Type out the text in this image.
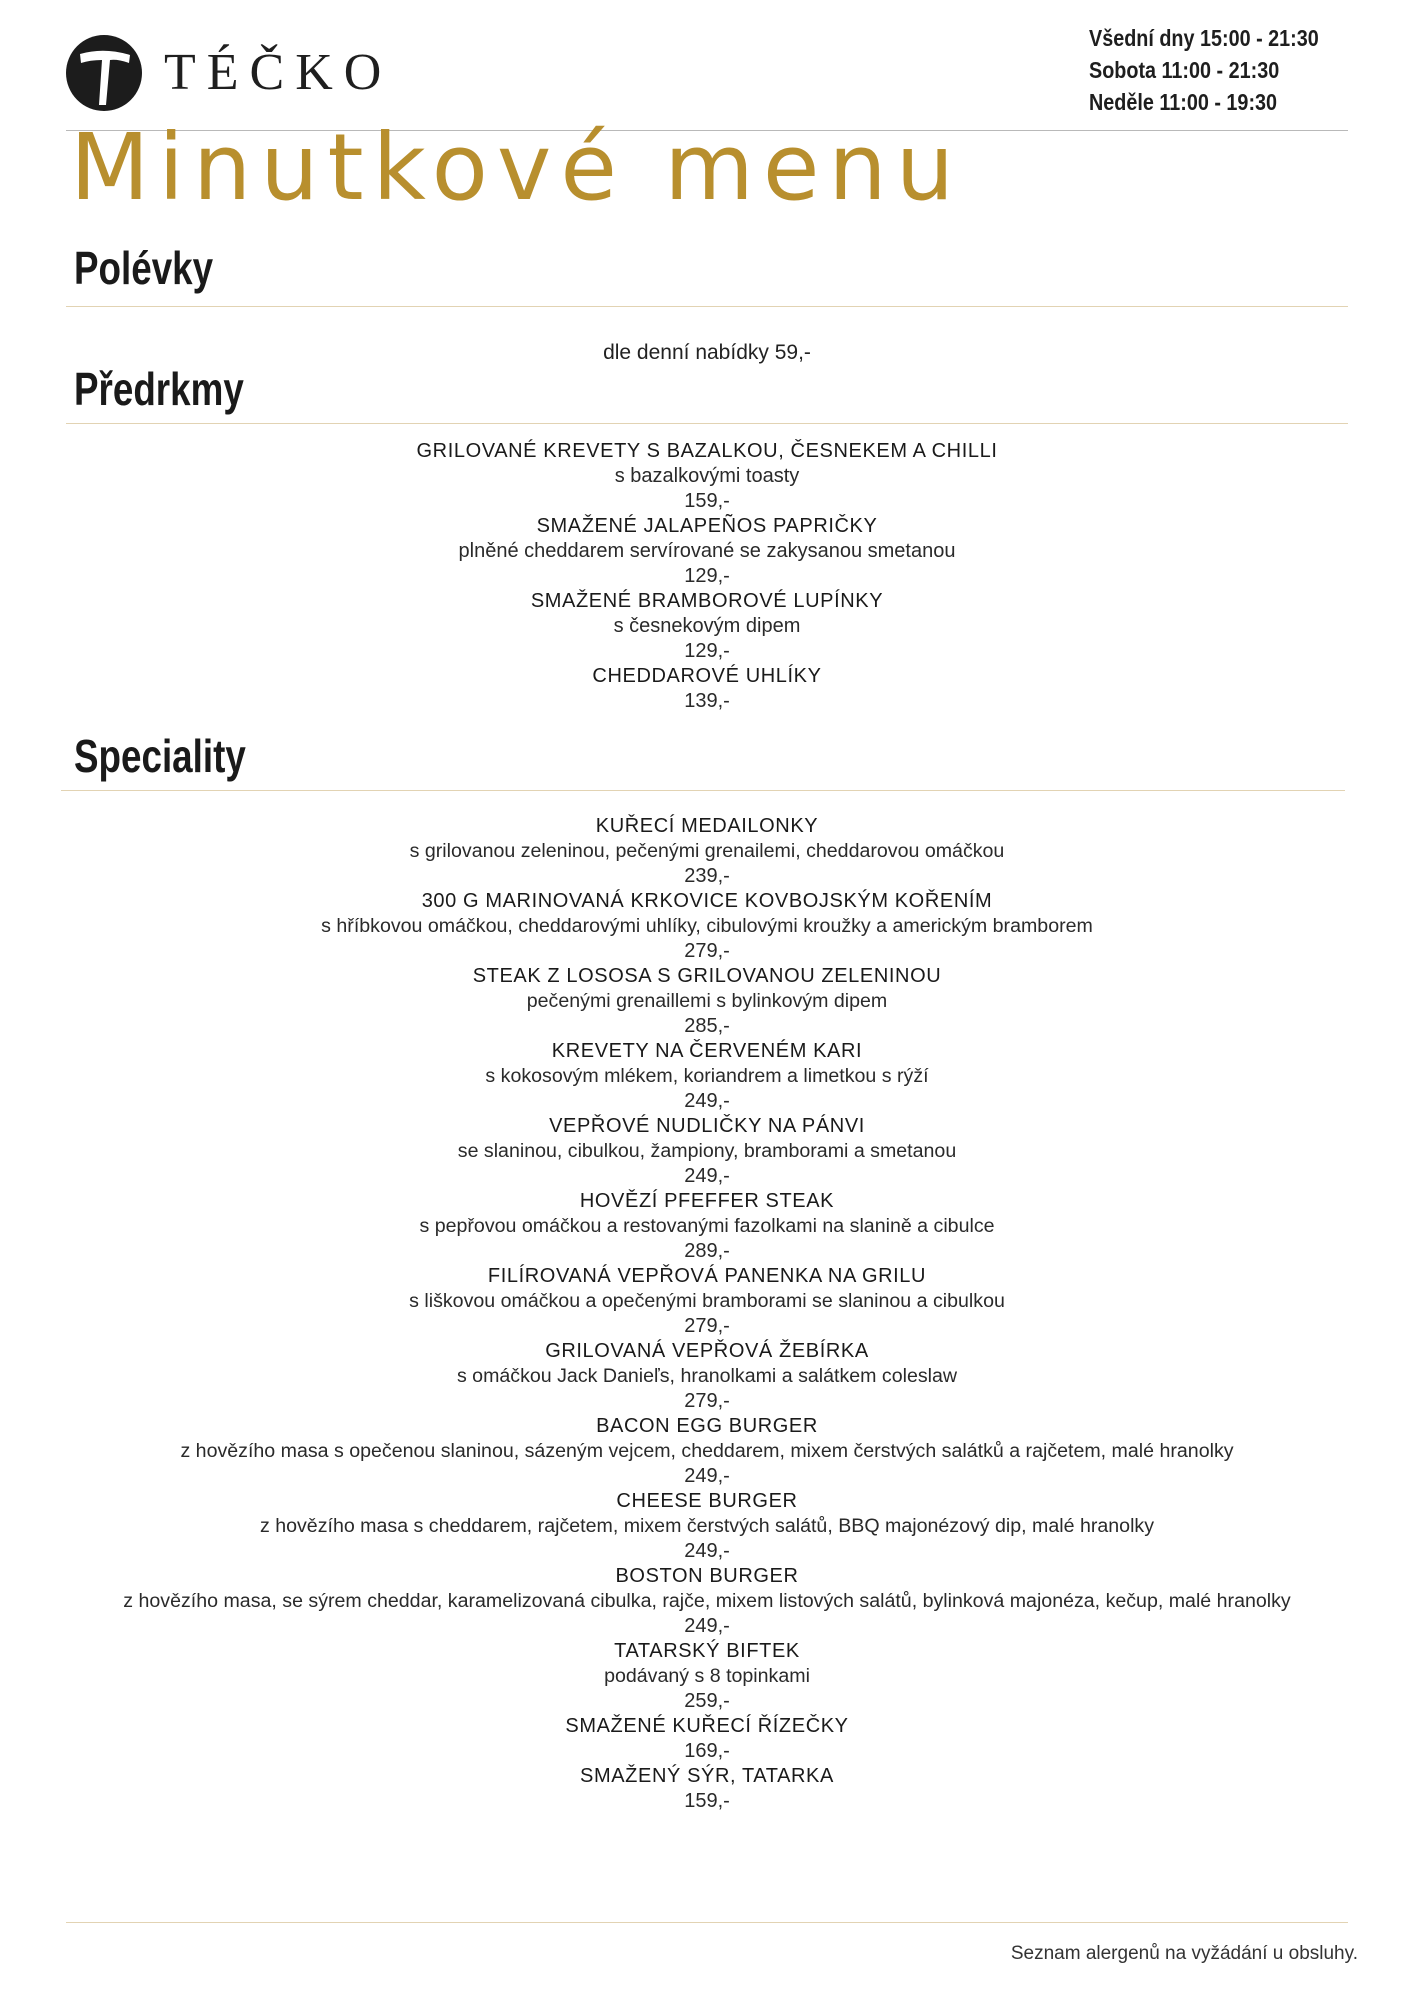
TÉČKO
Všední dny 15:00 - 21:30
Sobota 11:00 - 21:30
Neděle 11:00 - 19:30
Minutkové menu
Polévky
dle denní nabídky 59,-
Předrkmy
GRILOVANÉ KREVETY S BAZALKOU, ČESNEKEM A CHILLI
s bazalkovými toasty
159,-
SMAŽENÉ JALAPEÑOS PAPRIČKY
plněné cheddarem servírované se zakysanou smetanou
129,-
SMAŽENÉ BRAMBOROVÉ LUPÍNKY
s česnekovým dipem
129,-
CHEDDAROVÉ UHLÍKY
139,-
Speciality
KUŘECÍ MEDAILONKY
s grilovanou zeleninou, pečenými grenailemi, cheddarovou omáčkou
239,-
300 G MARINOVANÁ KRKOVICE KOVBOJSKÝM KOŘENÍM
s hříbkovou omáčkou, cheddarovými uhlíky, cibulovými kroužky a americkým bramborem
279,-
STEAK Z LOSOSA S GRILOVANOU ZELENINOU
pečenými grenaillemi s bylinkovým dipem
285,-
KREVETY NA ČERVENÉM KARI
s kokosovým mlékem, koriandrem a limetkou s rýží
249,-
VEPŘOVÉ NUDLIČKY NA PÁNVI
se slaninou, cibulkou, žampiony, bramborami a smetanou
249,-
HOVĚZÍ PFEFFER STEAK
s pepřovou omáčkou a restovanými fazolkami na slanině a cibulce
289,-
FILÍROVANÁ VEPŘOVÁ PANENKA NA GRILU
s liškovou omáčkou a opečenými bramborami se slaninou a cibulkou
279,-
GRILOVANÁ VEPŘOVÁ ŽEBÍRKA
s omáčkou Jack Danieľs, hranolkami a salátkem coleslaw
279,-
BACON EGG BURGER
z hovězího masa s opečenou slaninou, sázeným vejcem, cheddarem, mixem čerstvých salátků a rajčetem, malé hranolky
249,-
CHEESE BURGER
z hovězího masa s cheddarem, rajčetem, mixem čerstvých salátů, BBQ majonézový dip, malé hranolky
249,-
BOSTON BURGER
z hovězího masa, se sýrem cheddar, karamelizovaná cibulka, rajče, mixem listových salátů, bylinková majonéza, kečup, malé hranolky
249,-
TATARSKÝ BIFTEK
podávaný s 8 topinkami
259,-
SMAŽENÉ KUŘECÍ ŘÍZEČKY
169,-
SMAŽENÝ SÝR, TATARKA
159,-
Seznam alergenů na vyžádání u obsluhy.
